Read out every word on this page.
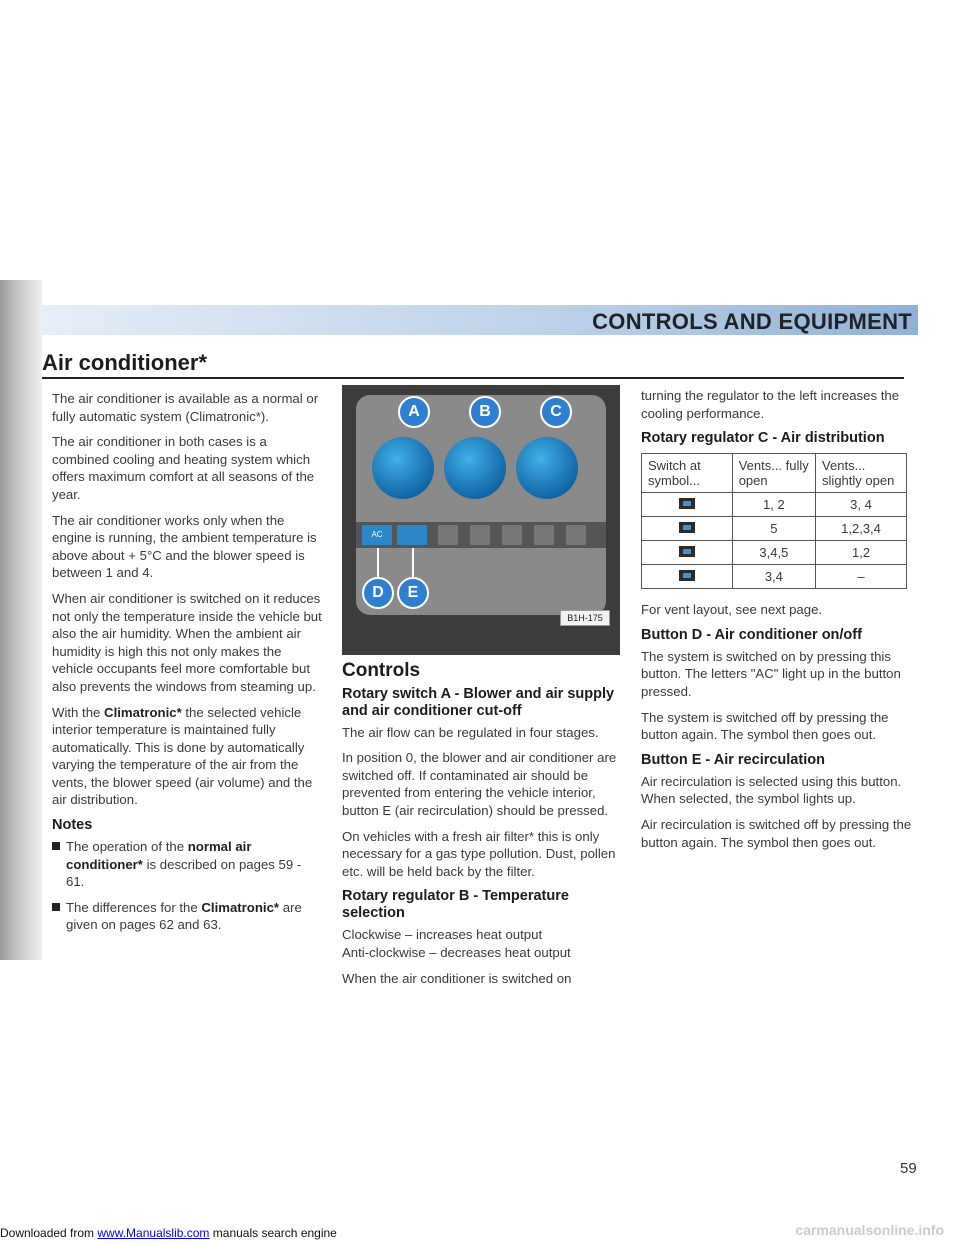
CONTROLS AND EQUIPMENT
Air conditioner*

The air conditioner is available as a normal or fully automatic system (Climatronic*).

The air conditioner in both cases is a combined cooling and heating system which offers maximum comfort at all seasons of the year.

The air conditioner works only when the engine is running, the ambient temperature is above about + 5°C and the blower speed is between 1 and 4.

When air conditioner is switched on it reduces not only the temperature inside the vehicle but also the air humidity. When the ambient air humidity is high this not only makes the vehicle occupants feel more comfortable but also prevents the windows from steaming up.

With the Climatronic* the selected vehicle interior temperature is maintained fully automatically. This is done by automatically varying the temperature of the air from the vents, the blower speed (air volume) and the air distribution.

Notes

The operation of the normal air conditioner* is described on pages 59 - 61.

The differences for the Climatronic* are given on pages 62 and 63.

AC
A	B	C
D	E
B1H-175
Controls
Rotary switch A - Blower and air supply and air conditioner cut-off

The air flow can be regulated in four stages.

In position 0, the blower and air conditioner are switched off. If contaminated air should be prevented from entering the vehicle interior, button E (air recirculation) should be pressed.

On vehicles with a fresh air filter* this is only necessary for a gas type pollution. Dust, pollen etc. will be held back by the filter.

Rotary regulator B - Temperature selection
Clockwise – increases heat output

Anti-clockwise – decreases heat output

When the air conditioner is switched on

turning the regulator to the left increases the cooling performance.

Rotary regulator C - Air distribution
Switch at symbol...	Vents... fully open	Vents... slightly open
	1, 2	3, 4
	5	1,2,3,4
	3,4,5	1,2
	3,4	–

For vent layout, see next page.

Button D - Air conditioner on/off

The system is switched on by pressing this button. The letters "AC" light up in the button pressed.

The system is switched off by pressing the button again. The symbol then goes out.

Button E - Air recirculation

Air recirculation is selected using this button. When selected, the symbol lights up.

Air recirculation is switched off by pressing the button again. The symbol then goes out.

59
Downloaded from www.Manualslib.com manuals search engine	carmanualsonline.info
